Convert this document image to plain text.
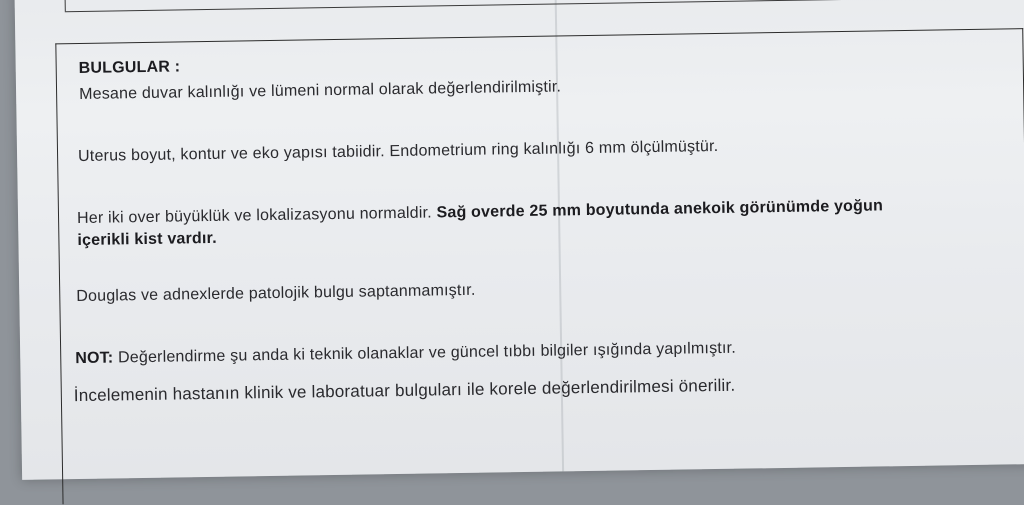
BULGULAR :
Mesane duvar kalınlığı ve lümeni normal olarak değerlendirilmiştir.
Uterus boyut, kontur ve eko yapısı tabiidir. Endometrium ring kalınlığı 6 mm ölçülmüştür.
Her iki over büyüklük ve lokalizasyonu normaldir. Sağ overde 25 mm boyutunda anekoik görünümde yoğun
içerikli kist vardır.
Douglas ve adnexlerde patolojik bulgu saptanmamıştır.
NOT: Değerlendirme şu anda ki teknik olanaklar ve güncel tıbbı bilgiler ışığında yapılmıştır.
İncelemenin hastanın klinik ve laboratuar bulguları ile korele değerlendirilmesi önerilir.
